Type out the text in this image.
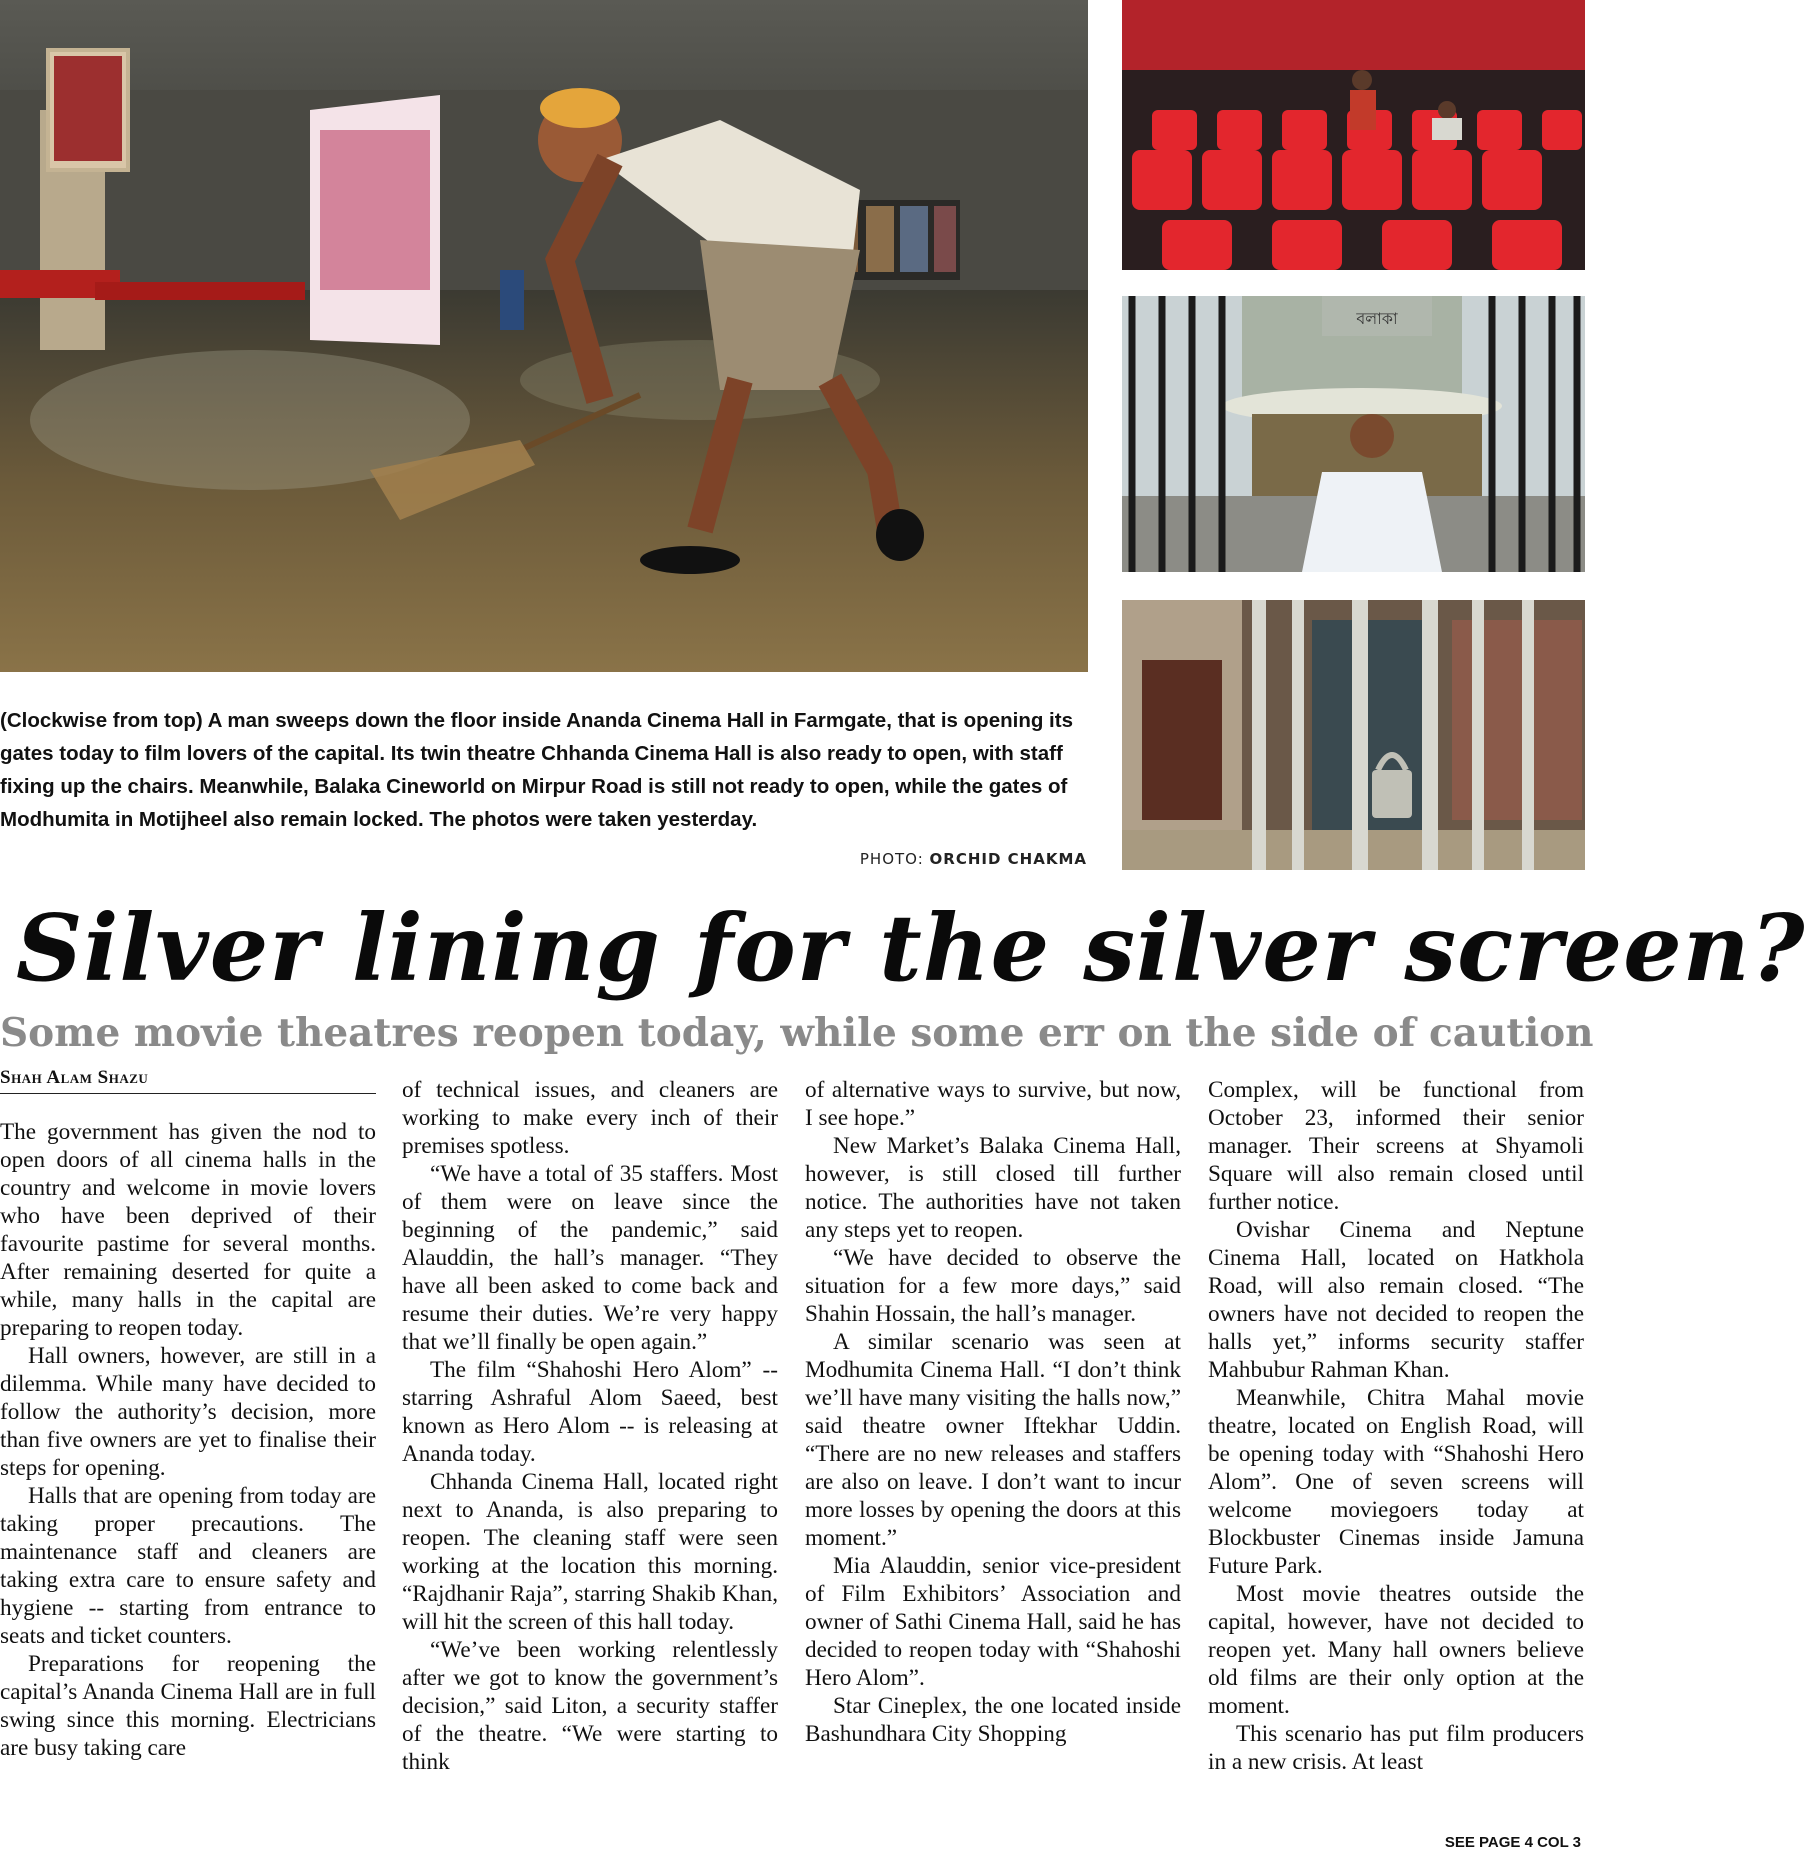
বলাকা
(Clockwise from top) A man sweeps down the floor inside Ananda Cinema Hall in Farmgate, that is opening its gates today to film lovers of the capital. Its twin theatre Chhanda Cinema Hall is also ready to open, with staff fixing up the chairs. Meanwhile, Balaka Cineworld on Mirpur Road is still not ready to open, while the gates of Modhumita in Motijheel also remain locked. The photos were taken yesterday.
PHOTO: ORCHID CHAKMA
Silver lining for the silver screen?
Some movie theatres reopen today, while some err on the side of caution
Shah Alam Shazu

The government has given the nod to open doors of all cinema halls in the country and welcome in movie lovers who have been deprived of their favourite pastime for several months. After remaining deserted for quite a while, many halls in the capital are preparing to reopen today.

Hall owners, however, are still in a dilemma. While many have decided to follow the authority’s decision, more than five owners are yet to finalise their steps for opening.

Halls that are opening from today are taking proper precautions. The maintenance staff and cleaners are taking extra care to ensure safety and hygiene -- starting from entrance to seats and ticket counters.

Preparations for reopening the capital’s Ananda Cinema Hall are in full swing since this morning. Electricians are busy taking care

of technical issues, and cleaners are working to make every inch of their premises spotless.

“We have a total of 35 staffers. Most of them were on leave since the beginning of the pandemic,” said Alauddin, the hall’s manager. “They have all been asked to come back and resume their duties. We’re very happy that we’ll finally be open again.”

The film “Shahoshi Hero Alom” -- starring Ashraful Alom Saeed, best known as Hero Alom -- is releasing at Ananda today.

Chhanda Cinema Hall, located right next to Ananda, is also preparing to reopen. The cleaning staff were seen working at the location this morning. “Rajdhanir Raja”, starring Shakib Khan, will hit the screen of this hall today.

“We’ve been working relentlessly after we got to know the government’s decision,” said Liton, a security staffer of the theatre. “We were starting to think

of alternative ways to survive, but now, I see hope.”

New Market’s Balaka Cinema Hall, however, is still closed till further notice. The authorities have not taken any steps yet to reopen.

“We have decided to observe the situation for a few more days,” said Shahin Hossain, the hall’s manager.

A similar scenario was seen at Modhumita Cinema Hall. “I don’t think we’ll have many visiting the halls now,” said theatre owner Iftekhar Uddin. “There are no new releases and staffers are also on leave. I don’t want to incur more losses by opening the doors at this moment.”

Mia Alauddin, senior vice-president of Film Exhibitors’ Association and owner of Sathi Cinema Hall, said he has decided to reopen today with “Shahoshi Hero Alom”.

Star Cineplex, the one located inside Bashundhara City Shopping

Complex, will be functional from October 23, informed their senior manager. Their screens at Shyamoli Square will also remain closed until further notice.

Ovishar Cinema and Neptune Cinema Hall, located on Hatkhola Road, will also remain closed. “The owners have not decided to reopen the halls yet,” informs security staffer Mahbubur Rahman Khan.

Meanwhile, Chitra Mahal movie theatre, located on English Road, will be opening today with “Shahoshi Hero Alom”. One of seven screens will welcome moviegoers today at Blockbuster Cinemas inside Jamuna Future Park.

Most movie theatres outside the capital, however, have not decided to reopen yet. Many hall owners believe old films are their only option at the moment.

This scenario has put film producers in a new crisis. At least

SEE PAGE 4 COL 3
